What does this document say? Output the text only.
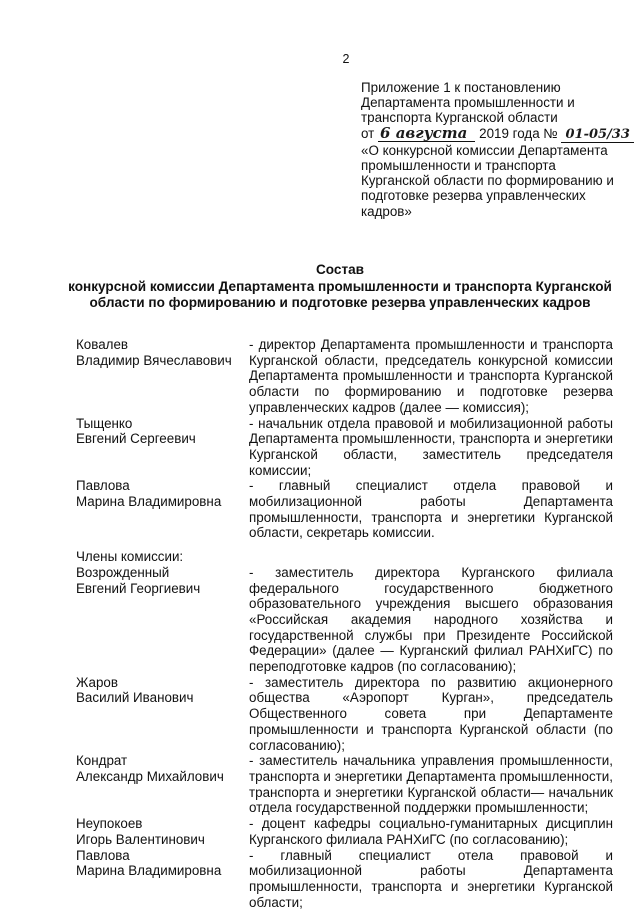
2
Приложение 1 к постановлению
Департамента промышленности и
транспорта Курганской области
от 6 августа 2019 года № 01-05/33
«О конкурсной комиссии Департамента
промышленности и транспорта
Курганской области по формированию и
подготовке резерва управленческих
кадров»
Состав
конкурсной комиссии Департамента промышленности и транспорта Курганской
области по формированию и подготовке резерва управленческих кадров
Ковалев
Владимир Вячеславович
- директор Департамента промышленности и транспорта Курганской области, председатель конкурсной комиссии Департамента промышленности и транспорта Курганской области по формированию и подготовке резерва управленческих кадров (далее — комиссия);
Тыщенко
Евгений Сергеевич
- начальник отдела правовой и мобилизационной работы Департамента промышленности, транспорта и энергетики Курганской области, заместитель председателя комиссии;
Павлова
Марина Владимировна
- главный специалист отдела правовой и мобилизационной работы Департамента промышленности, транспорта и энергетики Курганской области, секретарь комиссии.
Члены комиссии:
Возрожденный
Евгений Георгиевич
- заместитель директора Курганского филиала федерального государственного бюджетного образовательного учреждения высшего образования «Российская академия народного хозяйства и государственной службы при Президенте Российской Федерации» (далее — Курганский филиал РАНХиГС) по переподготовке кадров (по согласованию);
Жаров
Василий Иванович
- заместитель директора по развитию акционерного общества «Аэропорт Курган», председатель Общественного совета при Департаменте промышленности и транспорта Курганской области (по согласованию);
Кондрат
Александр Михайлович
- заместитель начальника управления промышленности, транспорта и энергетики Департамента промышленности, транспорта и энергетики Курганской области— начальник отдела государственной поддержки промышленности;
Неупокоев
Игорь Валентинович
- доцент кафедры социально-гуманитарных дисциплин Курганского филиала РАНХиГС (по согласованию);
Павлова
Марина Владимировна
- главный специалист отела правовой и мобилизационной работы Департамента промышленности, транспорта и энергетики Курганской области;
